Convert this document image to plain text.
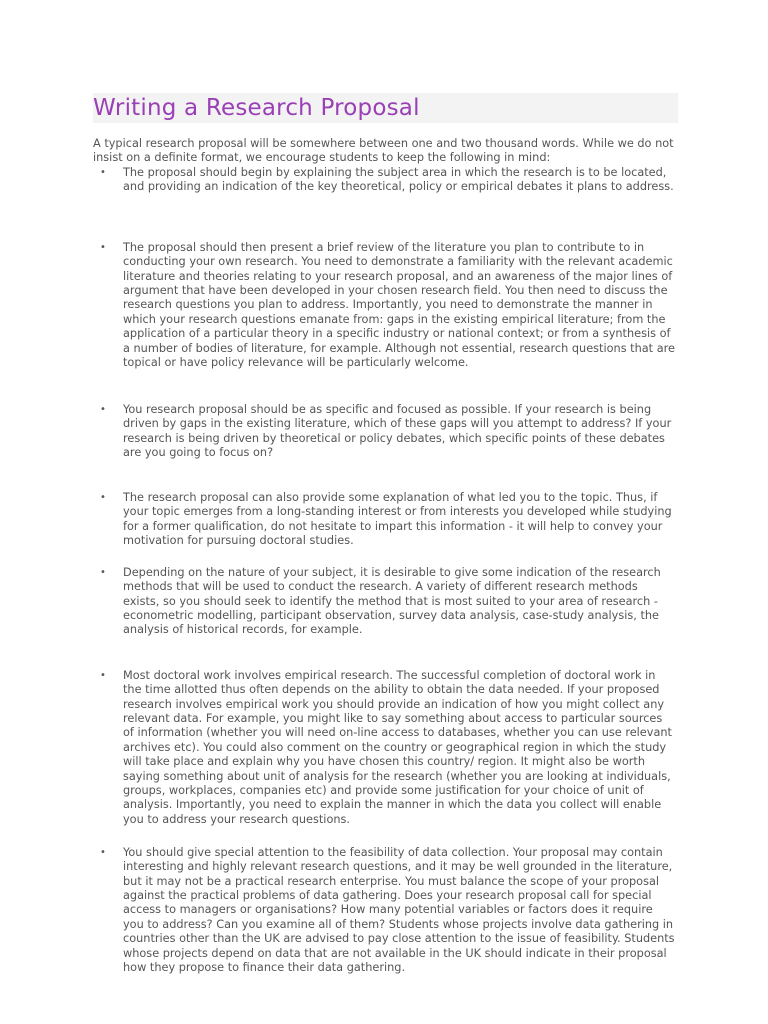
Writing a Research Proposal

A typical research proposal will be somewhere between one and two thousand words. While we do not insist on a definite format, we encourage students to keep the following in mind:

• The proposal should begin by explaining the subject area in which the research is to be located, and providing an indication of the key theoretical, policy or empirical debates it plans to address.
• The proposal should then present a brief review of the literature you plan to contribute to in conducting your own research. You need to demonstrate a familiarity with the relevant academic literature and theories relating to your research proposal, and an awareness of the major lines of argument that have been developed in your chosen research field. You then need to discuss the research questions you plan to address. Importantly, you need to demonstrate the manner in which your research questions emanate from: gaps in the existing empirical literature; from the application of a particular theory in a specific industry or national context; or from a synthesis of a number of bodies of literature, for example. Although not essential, research questions that are topical or have policy relevance will be particularly welcome.
• You research proposal should be as specific and focused as possible. If your research is being driven by gaps in the existing literature, which of these gaps will you attempt to address? If your research is being driven by theoretical or policy debates, which specific points of these debates are you going to focus on?
• The research proposal can also provide some explanation of what led you to the topic. Thus, if your topic emerges from a long-standing interest or from interests you developed while studying for a former qualification, do not hesitate to impart this information - it will help to convey your motivation for pursuing doctoral studies.
• Depending on the nature of your subject, it is desirable to give some indication of the research methods that will be used to conduct the research. A variety of different research methods exists, so you should seek to identify the method that is most suited to your area of research - econometric modelling, participant observation, survey data analysis, case-study analysis, the analysis of historical records, for example.
• Most doctoral work involves empirical research. The successful completion of doctoral work in the time allotted thus often depends on the ability to obtain the data needed. If your proposed research involves empirical work you should provide an indication of how you might collect any relevant data. For example, you might like to say something about access to particular sources of information (whether you will need on-line access to databases, whether you can use relevant archives etc). You could also comment on the country or geographical region in which the study will take place and explain why you have chosen this country/ region. It might also be worth saying something about unit of analysis for the research (whether you are looking at individuals, groups, workplaces, companies etc) and provide some justification for your choice of unit of analysis. Importantly, you need to explain the manner in which the data you collect will enable you to address your research questions.
• You should give special attention to the feasibility of data collection. Your proposal may contain interesting and highly relevant research questions, and it may be well grounded in the literature, but it may not be a practical research enterprise. You must balance the scope of your proposal against the practical problems of data gathering. Does your research proposal call for special access to managers or organisations? How many potential variables or factors does it require you to address? Can you examine all of them? Students whose projects involve data gathering in countries other than the UK are advised to pay close attention to the issue of feasibility. Students whose projects depend on data that are not available in the UK should indicate in their proposal how they propose to finance their data gathering.
